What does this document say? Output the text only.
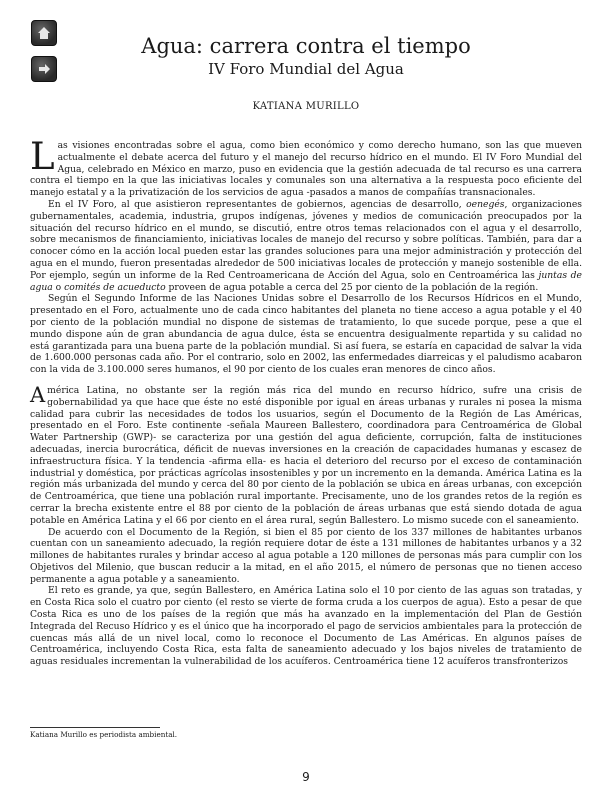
Agua: carrera contra el tiempo
IV Foro Mundial del Agua
KATIANA MURILLO

Las visiones encontradas sobre el agua, como bien económico y como derecho humano, son las que mueven actualmente el debate acerca del futuro y el manejo del recurso hídrico en el mundo. El IV Foro Mundial del Agua, celebrado en México en marzo, puso en evidencia que la gestión adecuada de tal recurso es una carrera contra el tiempo en la que las iniciativas locales y comunales son una alternativa a la respuesta poco eficiente del manejo estatal y a la privatización de los servicios de agua -pasados a manos de compañías transnacionales.

En el IV Foro, al que asistieron representantes de gobiernos, agencias de desarrollo, oenegés, organizaciones gubernamentales, academia, industria, grupos indígenas, jóvenes y medios de comunicación preocupados por la situación del recurso hídrico en el mundo, se discutió, entre otros temas relacionados con el agua y el desarrollo, sobre mecanismos de financiamiento, iniciativas locales de manejo del recurso y sobre políticas. También, para dar a conocer cómo en la acción local pueden estar las grandes soluciones para una mejor administración y protección del agua en el mundo, fueron presentadas alrededor de 500 iniciativas locales de protección y manejo sostenible de ella. Por ejemplo, según un informe de la Red Centroamericana de Acción del Agua, solo en Centroamérica las juntas de agua o comités de acueducto proveen de agua potable a cerca del 25 por ciento de la población de la región.

Según el Segundo Informe de las Naciones Unidas sobre el Desarrollo de los Recursos Hídricos en el Mundo, presentado en el Foro, actualmente uno de cada cinco habitantes del planeta no tiene acceso a agua potable y el 40 por ciento de la población mundial no dispone de sistemas de tratamiento, lo que sucede porque, pese a que el mundo dispone aún de gran abundancia de agua dulce, ésta se encuentra desigualmente repartida y su calidad no está garantizada para una buena parte de la población mundial. Si así fuera, se estaría en capacidad de salvar la vida de 1.600.000 personas cada año. Por el contrario, solo en 2002, las enfermedades diarreicas y el paludismo acabaron con la vida de 3.100.000 seres humanos, el 90 por ciento de los cuales eran menores de cinco años.

América Latina, no obstante ser la región más rica del mundo en recurso hídrico, sufre una crisis de gobernabilidad ya que hace que éste no esté disponible por igual en áreas urbanas y rurales ni posea la misma calidad para cubrir las necesidades de todos los usuarios, según el Documento de la Región de Las Américas, presentado en el Foro. Este continente -señala Maureen Ballestero, coordinadora para Centroamérica de Global Water Partnership (GWP)- se caracteriza por una gestión del agua deficiente, corrupción, falta de instituciones adecuadas, inercia burocrática, déficit de nuevas inversiones en la creación de capacidades humanas y escasez de infraestructura física. Y la tendencia -afirma ella- es hacia el deterioro del recurso por el exceso de contaminación industrial y doméstica, por prácticas agrícolas insostenibles y por un incremento en la demanda. América Latina es la región más urbanizada del mundo y cerca del 80 por ciento de la población se ubica en áreas urbanas, con excepción de Centroamérica, que tiene una población rural importante. Precisamente, uno de los grandes retos de la región es cerrar la brecha existente entre el 88 por ciento de la población de áreas urbanas que está siendo dotada de agua potable en América Latina y el 66 por ciento en el área rural, según Ballestero. Lo mismo sucede con el saneamiento.

De acuerdo con el Documento de la Región, si bien el 85 por ciento de los 337 millones de habitantes urbanos cuentan con un saneamiento adecuado, la región requiere dotar de éste a 131 millones de habitantes urbanos y a 32 millones de habitantes rurales y brindar acceso al agua potable a 120 millones de personas más para cumplir con los Objetivos del Milenio, que buscan reducir a la mitad, en el año 2015, el número de personas que no tienen acceso permanente a agua potable y a saneamiento.

El reto es grande, ya que, según Ballestero, en América Latina solo el 10 por ciento de las aguas son tratadas, y en Costa Rica solo el cuatro por ciento (el resto se vierte de forma cruda a los cuerpos de agua). Esto a pesar de que Costa Rica es uno de los países de la región que más ha avanzado en la implementación del Plan de Gestión Integrada del Recuso Hídrico y es el único que ha incorporado el pago de servicios ambientales para la protección de cuencas más allá de un nivel local, como lo reconoce el Documento de Las Américas. En algunos países de Centroamérica, incluyendo Costa Rica, esta falta de saneamiento adecuado y los bajos niveles de tratamiento de aguas residuales incrementan la vulnerabilidad de los acuíferos. Centroamérica tiene 12 acuíferos transfronterizos

Katiana Murillo es periodista ambiental.
9
